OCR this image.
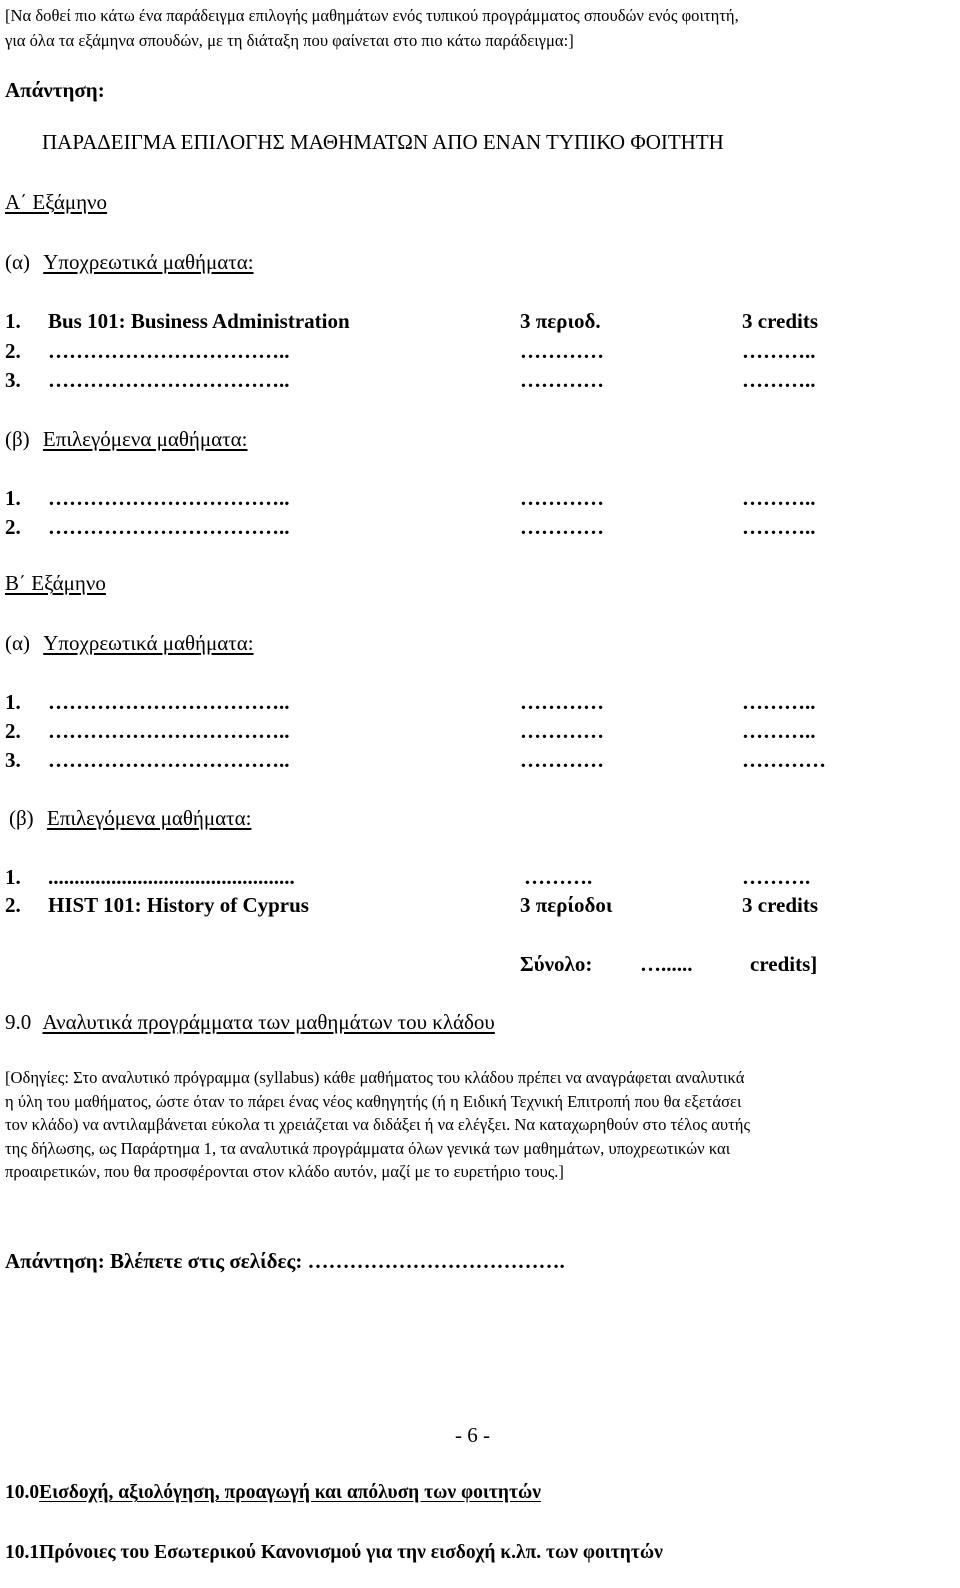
[Να δοθεί πιο κάτω ένα παράδειγμα επιλογής μαθημάτων ενός τυπικού προγράμματος σπουδών ενός φοιτητή,
για όλα τα εξάμηνα σπουδών, με τη διάταξη που φαίνεται στο πιο κάτω παράδειγμα:]
Απάντηση:
ΠΑΡΑΔΕΙΓΜΑ ΕΠΙΛΟΓΗΣ ΜΑΘΗΜΑΤΩΝ ΑΠΟ ΕΝΑΝ ΤΥΠΙΚΟ ΦΟΙΤΗΤΗ
Α΄ Εξάμηνο
(α) Υποχρεωτικά μαθήματα:
1. Bus 101: Business Administration	3 περιοδ.	3 credits
2. ……………………………..	…………	………..
3. ……………………………..	…………	………..
(β) Επιλεγόμενα μαθήματα:
1. ……………………………..	…………	………..
2. ……………………………..	…………	………..
Β΄ Εξάμηνο
(α) Υποχρεωτικά μαθήματα:
1. ……………………………..	…………	………..
2. ……………………………..	…………	………..
3. ……………………………..	…………	…………
(β) Επιλεγόμενα μαθήματα:
1. ...............................................	……….	……….
2. HIST 101: History of Cyprus	3 περίοδοι	3 credits
Σύνολο: …......	credits]
9.0 Αναλυτικά προγράμματα των μαθημάτων του κλάδου
[Οδηγίες: Στο αναλυτικό πρόγραμμα (syllabus) κάθε μαθήματος του κλάδου πρέπει να αναγράφεται αναλυτικά
η ύλη του μαθήματος, ώστε όταν το πάρει ένας νέος καθηγητής (ή η Ειδική Τεχνική Επιτροπή που θα εξετάσει
τον κλάδο) να αντιλαμβάνεται εύκολα τι χρειάζεται να διδάξει ή να ελέγξει. Να καταχωρηθούν στο τέλος αυτής
της δήλωσης, ως Παράρτημα 1, τα αναλυτικά προγράμματα όλων γενικά των μαθημάτων, υποχρεωτικών και
προαιρετικών, που θα προσφέρονται στον κλάδο αυτόν, μαζί με το ευρετήριο τους.]
Απάντηση: Βλέπετε στις σελίδες: ……………………………….
- 6 -
10.0Εισδοχή, αξιολόγηση, προαγωγή και απόλυση των φοιτητών
10.1Πρόνοιες του Εσωτερικού Κανονισμού για την εισδοχή κ.λπ. των φοιτητών
